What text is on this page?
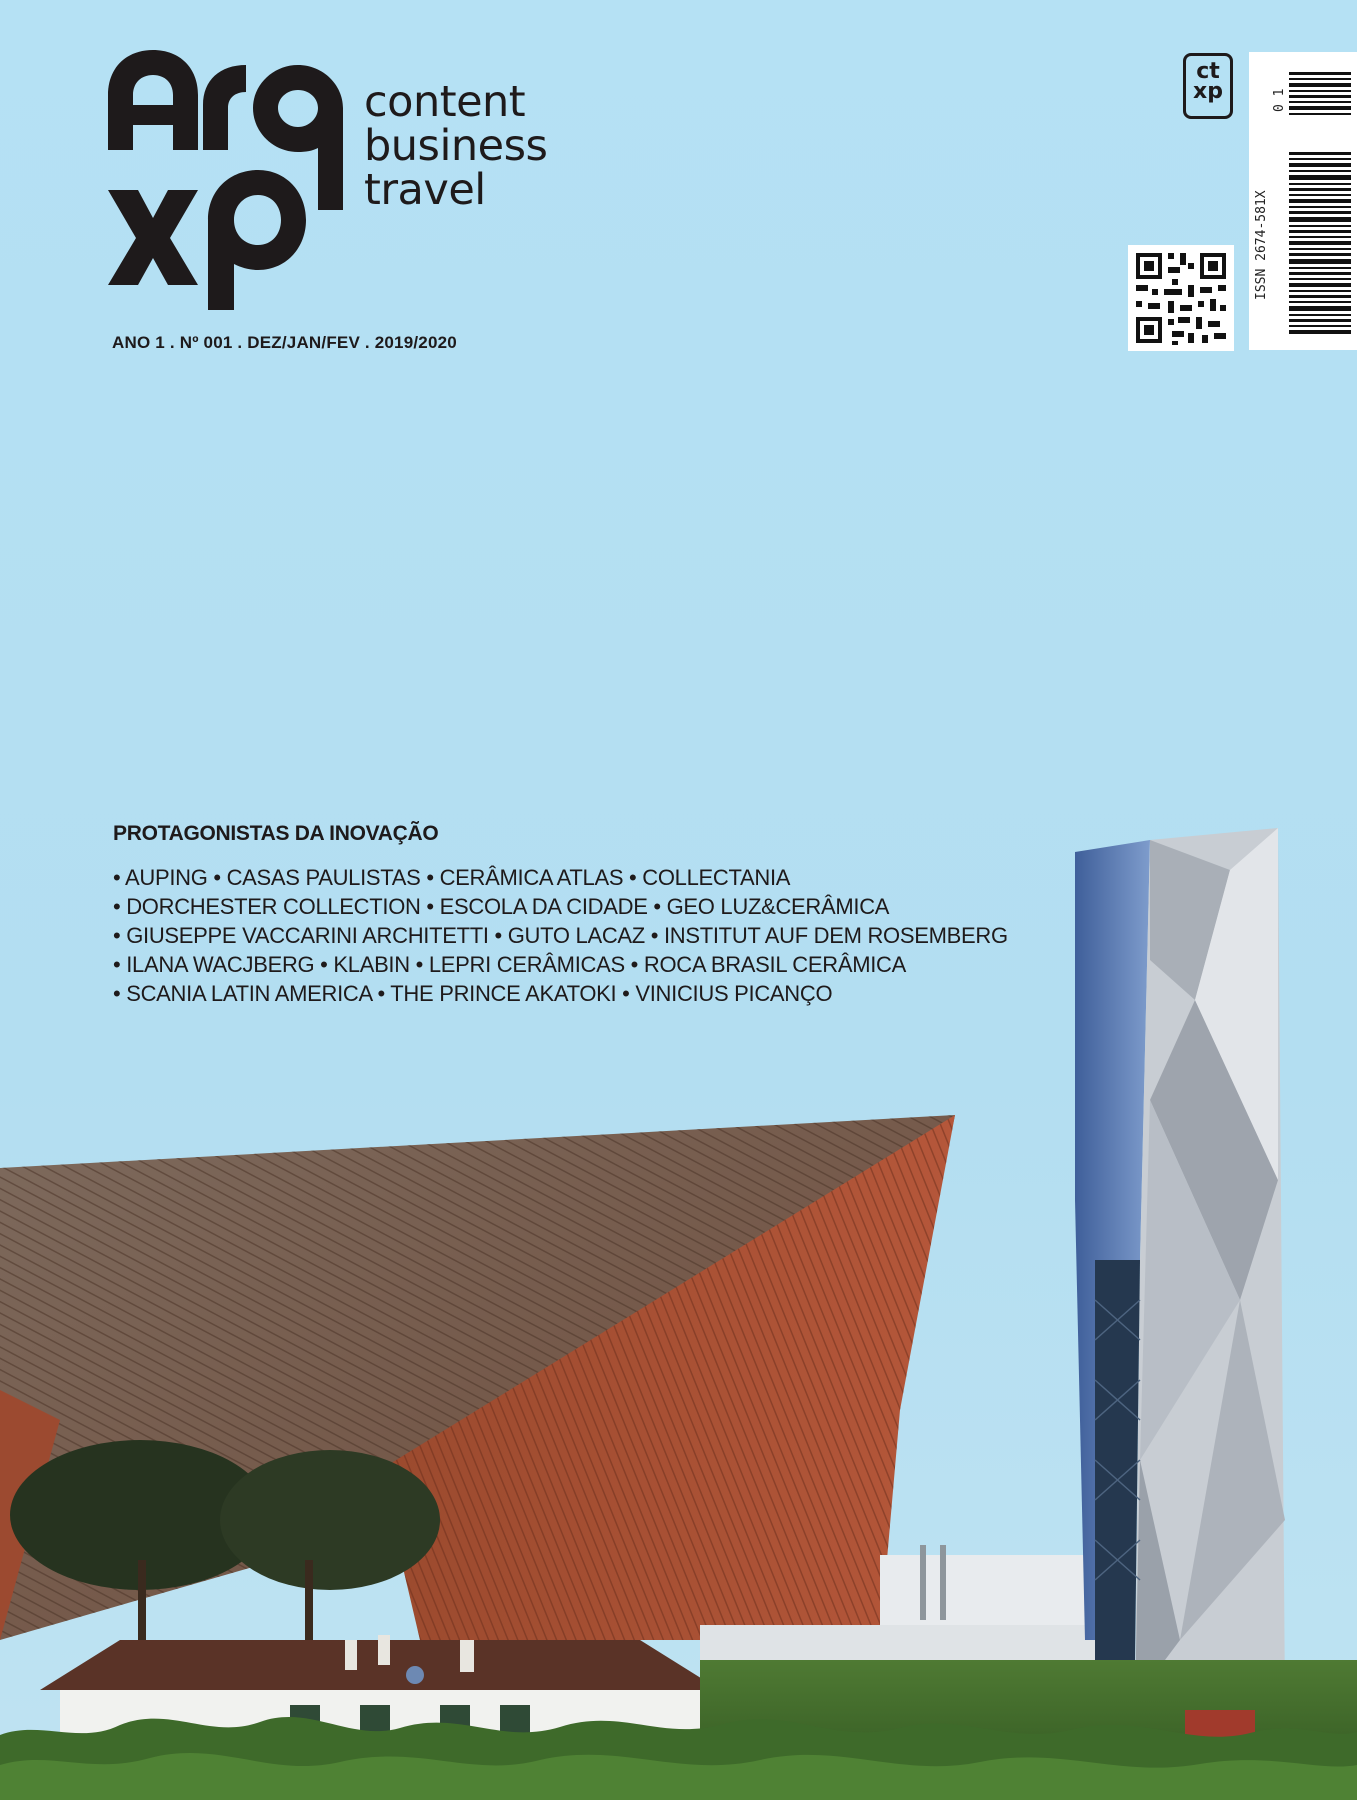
content
business
travel
ANO 1 . Nº 001 . DEZ/JAN/FEV . 2019/2020
ct
xp	0 1
ISSN 2674-581X
PROTAGONISTAS DA INOVAÇÃO
• AUPING • CASAS PAULISTAS • CERÂMICA ATLAS • COLLECTANIA
• DORCHESTER COLLECTION • ESCOLA DA CIDADE • GEO LUZ&CERÂMICA
• GIUSEPPE VACCARINI ARCHITETTI • GUTO LACAZ • INSTITUT AUF DEM ROSEMBERG
• ILANA WACJBERG • KLABIN • LEPRI CERÂMICAS • ROCA BRASIL CERÂMICA
• SCANIA LATIN AMERICA • THE PRINCE AKATOKI • VINICIUS PICANÇO
